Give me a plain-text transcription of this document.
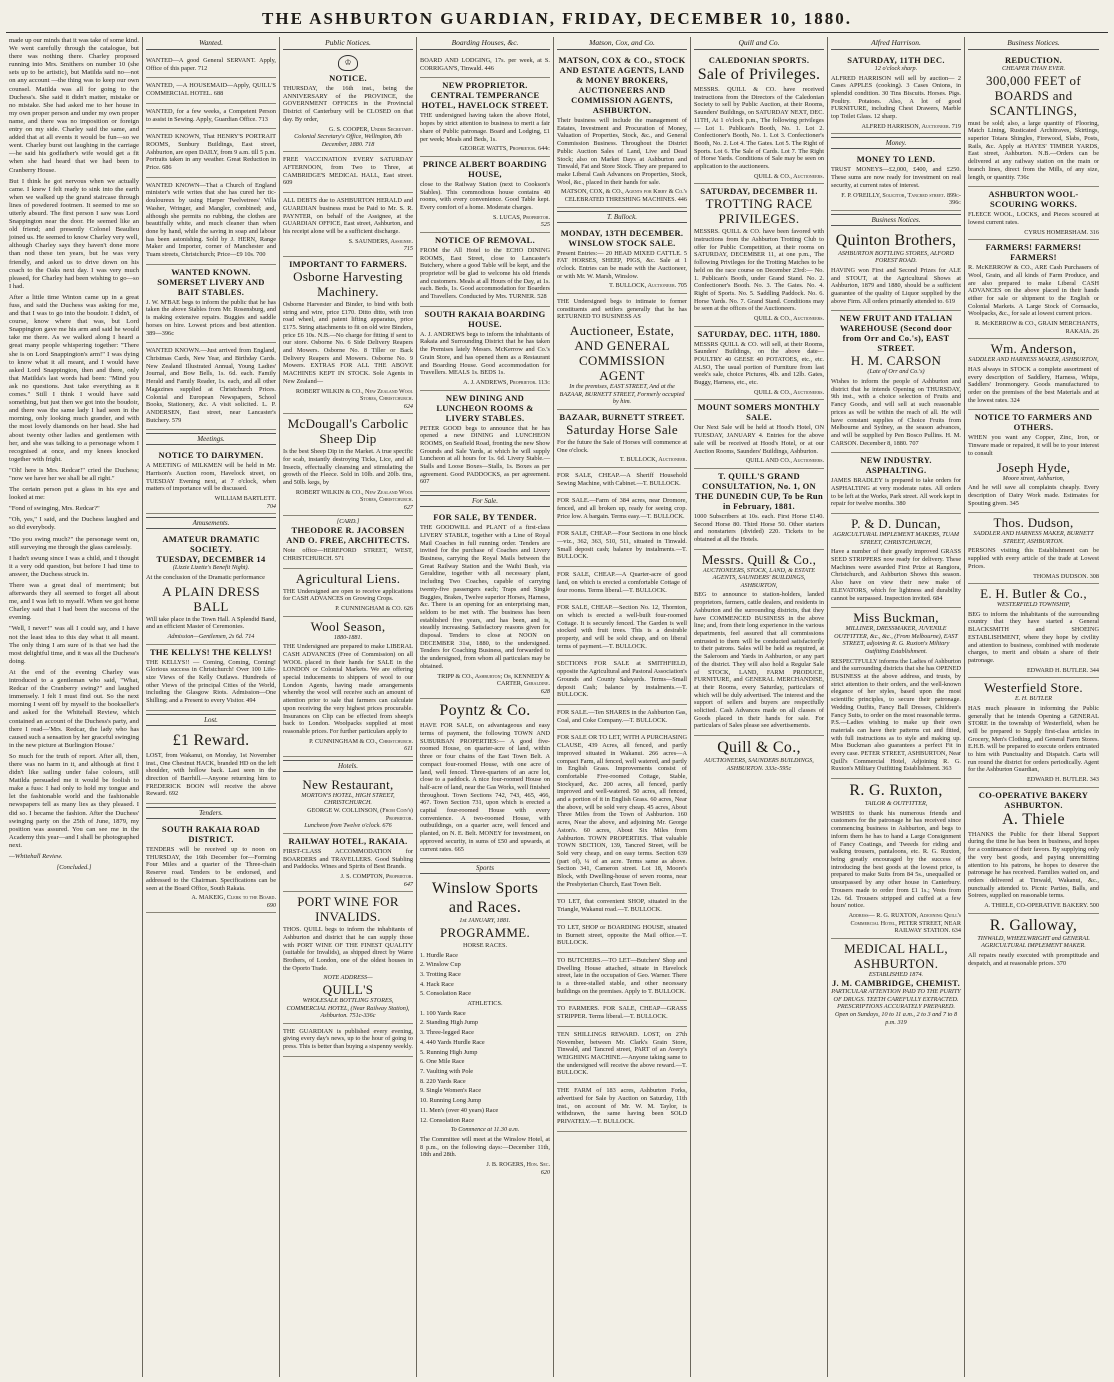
THE ASHBURTON GUARDIAN, FRIDAY, DECEMBER 10, 1880.

made up our minds that it was take of some kind. We went carefully through the catalogue, but there was nothing there. Charley proposed running into Mrs. Smithers on number 10 (she sets up to be artistic), but Matilda said no—not on any account —the thing was to keep our own counsel. Matilda was all for going to the Duchess's. She said it didn't matter, mistake or no mistake. She had asked me to her house in my own proper person and under my own proper name, and there was no imposition or foreign entry on my side. Charley said the same, and added that at all events it would be fun—so we went. Charley burst out laughing in the carriage—he said his godfather's wife would get a fit when she had heard that we had been to Cranberry House.

But I think he got nervous when we actually came. I knew I felt ready to sink into the earth when we walked up the grand staircase through lines of powdered footmen. It seemed to me so utterly absurd. The first person I saw was Lord Snappington near the door. He seemed like an old friend; and presently Colonel Beaulieu joined us. He seemed to know Charley very well, although Charley says they haven't done more than nod these ten years, but he was very friendly, and asked us to drive down on his coach to the Oaks next day. I was very much pleased, for Charley had been wishing to go—so I had.

After a little time Winton came up in a great fuss, and said the Duchess was asking for me, and that I was to go into the boudoir. I didn't, of course, know where that was, but Lord Snappington gave me his arm and said he would take me there. As we walked along I heard a great many people whispering together: "There she is on Lord Snappington's arm!" I was dying to know what it all meant, and I would have asked Lord Snappington, then and there, only that Matilda's last words had been: "Mind you ask no questions. Just take everything as it comes." Still I think I would have said something, but just then we got into the boudoir, and there was the same lady I had seen in the morning, only looking much grander, and with the most lovely diamonds on her head. She had about twenty other ladies and gentlemen with her, and she was talking to a personage whom I recognised at once, and my knees knocked together with fright.

"Oh! here is Mrs. Redcar!" cried the Duchess; "now we have her we shall be all right."

The certain person put a glass in his eye and looked at me:

"Fond of swinging, Mrs. Redcar?"

"Oh, yes," I said, and the Duchess laughed and so did everybody.

"Do you swing much?" the personage went on, still surveying me through the glass carelessly.

I hadn't swung since I was a child, and I thought it a very odd question, but before I had time to answer, the Duchess struck in.

There was a great deal of merriment; but afterwards they all seemed to forget all about me, and I was left to myself. When we got home Charley said that I had been the success of the evening.

"Well, I never!" was all I could say, and I have not the least idea to this day what it all meant. The only thing I am sure of is that we had the most delightful time, and it was all the Duchess's doing.

At the end of the evening Charley was introduced to a gentleman who said, "What, Redcar of the Cranberry swing?" and laughed immensely. I felt I must find out. So the next morning I went off by myself to the bookseller's and asked for the Whitehall Review, which contained an account of the Duchess's party, and there I read—'Mrs. Redcar, the lady who has caused such a sensation by her graceful swinging in the new picture at Burlington House.'

So much for the truth of report. After all, then, there was no harm in it, and although at first I didn't like sailing under false colours, still Matilda persuaded me it would be foolish to make a fuss: I had only to hold my tongue and let the fashionable world and the fashionable newspapers tell as many lies as they pleased. I did so. I became the fashion. After the Duchess' swinging party on the 25th of June, 1879, my position was assured. You can see me in the Academy this year—and I shall be photographed next.

—Whitehall Review.

[Concluded.]
Wanted.

WANTED—A good General SERVANT. Apply, Office of this paper. 712

WANTED, —A HOUSEMAID—Apply, QUILL'S COMMERCIAL HOTEL. 688

WANTED, for a few weeks, a Competent Person to assist in Sewing. Apply, Guardian Office. 713

WANTED KNOWN, That HENRY'S PORTRAIT ROOMS, Sunbury Buildings, East street, Ashburton, are open DAILY, from 9 a.m. till 5 p.m. Portraits taken in any weather. Great Reduction in Price. 686

WANTED KNOWN—That a Church of England minister's wife writes that she has cured her tic-douloureux by using Harper Twelvetrees' Villa Washer, Wringer, and Mangler, combined; and, although she permits no rubbing, the clothes are beautifully white, and much cleaner than when done by hand, while the saving in soap and labour has been astonishing. Sold by J. HERN, Range Maker and Importer, corner of Manchester and Tuam streets, Christchurch; Price—£9 10s. 700

WANTED KNOWN.
SOMERSET LIVERY AND BAIT STABLES.

J. W. M'BAE begs to inform the public that he has taken the above Stables from Mr. Rosensburg, and is making extensive repairs. Buggies and saddle horses on hire. Lowest prices and best attention. 389—396c

WANTED KNOWN.—Just arrived from England, Christmas Cards, New Year, and Birthday Cards. New Zealand Illustrated Annual, Young Ladies' Journal, and Bow Bells, 1s. 6d. each. Family Herald and Family Reader, 1s. each, and all other Magazines supplied at Christchurch Prices. Colonial and European Newspapers, School Books, Stationery, &c. A visit solicited. L. P. ANDERSEN, East street, near Lancaster's Butchery. 579

Meetings.
NOTICE TO DAIRYMEN.

A MEETING of MILKMEN will be held in Mr. Harrison's Auction room, Havelock street, on TUESDAY Evening next, at 7 o'clock, when matters of importance will be discussed.

WILLIAM BARTLETT.
704
Amusements.
AMATEUR DRAMATIC SOCIETY.
TUESDAY, DECEMBER 14
(Lizzie Lizette's Benefit Night).

At the conclusion of the Dramatic performance

A PLAIN DRESS BALL

Will take place in the Town Hall. A Splendid Band, and an efficient Master of Ceremonies.

Admission—Gentlemen, 2s 6d. 714
THE KELLYS! THE KELLYS!

THE KELLYS!! — Coming, Coming, Coming! Glorious success in Christchurch! Over 100 Life-size Views of the Kelly Outlaws. Hundreds of other Views of the principal Cities of the World, including the Glasgow Riots. Admission—One Shilling; and a Present to every Visitor. 494

Lost.
£1 Reward.

LOST, from Wakanui, on Monday, 1st November inst., One Chestnut HACK, branded HD on the left shoulder, with hollow back. Last seen in the direction of Barrhill.—Anyone returning him to FREDERICK BOON will receive the above Reward. 692

Tenders.
SOUTH RAKAIA ROAD DISTRICT.

TENDERS will be received up to noon on THURSDAY, the 16th December for—Forming Four Miles and a quarter of the Three-chain Reserve road. Tenders to be endorsed, and addressed to the Chairman. Specifications can be seen at the Board Office, South Rakaia.

A. MAKEIG, Clerk to the Board.
690
Public Notices.
♔
NOTICE.

THURSDAY, the 16th inst., being the ANNIVERSARY of the PROVINCE, the GOVERNMENT OFFICES in the Provincial District of Canterbury will be CLOSED on that day. By order,

G. S. COOPER, Under Secretary.
Colonial Secretary's Office, Wellington, 8th December, 1880. 718

FREE VACCINATION EVERY SATURDAY AFTERNOON, from Two to Three, at CAMBRIDGE'S MEDICAL HALL, East street. 609

ALL DEBTS due to ASHBURTON HERALD and GUARDIAN business must be Paid to Mr. S. R. PAYNTER, on behalf of the Assignee, at the GUARDIAN OFFICE, East street, Ashburton, and his receipt alone will be a sufficient discharge.

S. SAUNDERS, Assignee.
715
IMPORTANT TO FARMERS.
Osborne Harvesting Machinery.

Osborne Harvester and Binder, to bind with both string and wire, price £170. Ditto ditto, with iron road wheel, and patent lifting apparatus, price £175. String attachments to fit on old wire Binders, price £6 10s. N.B.—No charge for fitting if sent to our store. Osborne No. 6 Side Delivery Reapers and Mowers. Osborne No. 8 Tiller or Back Delivery Reapers and Mowers. Osborne No. 9 Mowers. EXTRAS FOR ALL THE ABOVE MACHINES KEPT IN STOCK. Sole Agents in New Zealand—

ROBERT WILKIN & CO., New Zealand Wool Stores, Christchurch.
624
McDougall's Carbolic Sheep Dip

Is the best Sheep Dip in the Market. A true specific for scab, instantly destroying Ticks, Lice, and all Insects, effectually cleansing and stimulating the growth of the Fleece. Sold in 10lb. and 20lb. tins, and 50lb. kegs, by

ROBERT WILKIN & CO., New Zealand Wool Stores, Christchurch.
627
[CARD.]
THEODORE R. JACOBSEN AND O. FREE, ARCHITECTS.

Note office—HEREFORD STREET, WEST, CHRISTCHURCH. 571

Agricultural Liens.

THE Undersigned are open to receive applications for CASH ADVANCES on Growing Crops.

P. CUNNINGHAM & CO. 626
Wool Season,
1880-1881.

THE Undersigned are prepared to make LIBERAL CASH ADVANCES (Free of Commission) on all WOOL placed in their hands for SALE in the LONDON or Colonial Markets. We are offering special inducements to shippers of wool to our London Agents, having made arrangements whereby the wool will receive such an amount of attention prior to sale that farmers can calculate upon receiving the very highest prices procurable. Insurances on Clip can be effected from sheep's back to London. Woolpacks supplied at most reasonable prices. For further particulars apply to

P. CUNNINGHAM & CO., Christchurch.
611
Hotels.
New Restaurant,
MORTON'S HOTEL, HIGH STREET, CHRISTCHURCH.
GEORGE W. COLLINSON, (From Coin's) Proprietor.
Luncheon from Twelve o'clock. 676
RAILWAY HOTEL, RAKAIA.

FIRST-CLASS ACCOMMODATION for BOARDERS and TRAVELLERS. Good Stabling and Paddocks. Wines and Spirits of Best Brands.

J. S. COMPTON, Proprietor.
647
PORT WINE FOR INVALIDS.

THOS. QUILL begs to inform the inhabitants of Ashburton and district that he can supply those with PORT WINE OF THE FINEST QUALITY (suitable for Invalids), as shipped direct by Warre Brothers, of London, one of the oldest houses in the Oporto Trade.

NOTE ADDRESS—
QUILL'S
WHOLESALE BOTTLING STORES, COMMERCIAL HOTEL, (Near Railway Station), Ashburton. 751c-336c

THE GUARDIAN is published every evening, giving every day's news, up to the hour of going to press. This is better than buying a sixpenny weekly.

Boarding Houses, &c.

BOARD AND LODGING, 17s. per week, at S. CORRIGAN'S, Tinwald. 446

NEW PROPRIETOR. CENTRAL TEMPERANCE HOTEL, HAVELOCK STREET.

THE undersigned having taken the above Hotel, hopes by strict attention to business to merit a fair share of Public patronage. Board and Lodging, £1 per week; Meals and Beds, 1s.

GEORGE WATTS, Proprietor. 644c
PRINCE ALBERT BOARDING HOUSE,

close to the Railway Station (next to Cookson's Stables). This commodious house contains 40 rooms, with every convenience. Good Table kept. Every comfort of a home. Moderate charges.

S. LUCAS, Proprietor.
525
NOTICE OF REMOVAL.

FROM the All Hotel to the ECHO DINING ROOMS, East Street, close to Lancaster's Butchery, where a good Table will be kept, and the proprietor will be glad to welcome his old friends and customers. Meals at all Hours of the Day, at 1s. each. Beds, 1s. Good accommodation for Boarders and Travellers. Conducted by Mrs. TURNER. 528

SOUTH RAKAIA BOARDING HOUSE.

A. J. ANDREWS begs to inform the inhabitants of Rakaia and Surrounding District that he has taken the Premises lately Messrs. McKerrow and Co.'s Grain Store, and has opened them as a Restaurant and Boarding House. Good accommodation for Travellers. MEALS 1s. BEDS 1s.

A. J. ANDREWS, Proprietor. 113c
NEW DINING AND LUNCHEON ROOMS & LIVERY STABLES.

PETER GOOD begs to announce that he has opened a new DINING and LUNCHEON ROOMS, on Seafield Road, fronting the new Show Grounds and Sale Yards, at which he will supply Luncheon at all hours for 1s. 6d. Livery Stable.—Stalls and Loose Boxes—Stalls, 1s. Boxes as per agreement. Good PADDOCKS, as per agreement. 607

For Sale.
FOR SALE, BY TENDER.

THE GOODWILL and PLANT of a first-class LIVERY STABLE, together with a Line of Royal Mail Coaches in full running order. Tenders are invited for the purchase of Coaches and Livery Business, carrying the Royal Mails between the Great Railway Station and the Waihi Bush, via Geraldine, together with all necessary plant, including Two Coaches, capable of carrying twenty-five passengers each; Traps and Single Buggies, Brakes, Twelve superior Horses, Harness, &c. There is an opening for an enterprising man, seldom to be met with. The business has been established five years, and has been, and is, steadily increasing. Satisfactory reasons given for disposal. Tenders to close at NOON on DECEMBER 31st, 1880, to the undersigned. Tenders for Coaching Business, and forwarded to the undersigned, from whom all particulars may be obtained.

TRIPP & CO., Ashburton; Or, KENNEDY & CARTER, Geraldine.
628
Poyntz & Co.

HAVE FOR SALE, on advantageous and easy terms of payment, the following TOWN AND SUBURBAN PROPERTIES:— A good five-roomed House, on quarter-acre of land, within three or four chains of the East Town Belt. A compact four-roomed House, with one acre of land, well fenced. Three-quarters of an acre lot, close to a paddock. A nice four-roomed House on half-acre of land, near the Gas Works, well finished throughout. Town Sections 742, 743, 465, 466, 467. Town Section 731, upon which is erected a capital four-roomed House with every convenience. A two-roomed House, with outbuildings, on a quarter acre, well fenced and planted, on N. E. Belt. MONEY for investment, on approved security, in sums of £50 and upwards, at current rates. 665

Sports
Winslow Sports and Races.
1st JANUARY, 1881.
PROGRAMME.
HORSE RACES.
1. Hurdle Race
2. Winslow Cup
3. Trotting Race
4. Hack Race
5. Consolation Race
ATHLETICS.
1. 100 Yards Race
2. Standing High Jump
3. Three-legged Race
4. 440 Yards Hurdle Race
5. Running High Jump
6. One Mile Race
7. Vaulting with Pole
8. 220 Yards Race
9. Single Women's Race
10. Running Long Jump
11. Men's (over 40 years) Race
12. Consolation Race
To Commence at 11.30 a.m.

The Committee will meet at the Winslow Hotel, at 8 p.m., on the following days:—December 11th, 18th and 28th.

J. B. ROGERS, Hon. Sec.
620
Matson, Cox, and Co.
MATSON, COX & CO., STOCK AND ESTATE AGENTS, LAND & MONEY BROKERS, AUCTIONEERS AND COMMISSION AGENTS, ASHBURTON.

Their business will include the management of Estates, Investment and Procuration of Money, Valuation of Properties, Stock, &c., and General Commission Business. Throughout the District Public Auction Sales of Land, Live and Dead Stock; also on Market Days at Ashburton and Tinwald, Fat and Store Stock. They are prepared to make Liberal Cash Advances on Properties, Stock, Wool, &c., placed in their hands for sale.

MATSON, COX, & CO., Agents for Kirby & Co.'s CELEBRATED THRESHING MACHINES. 446
T. Bullock.
MONDAY, 13TH DECEMBER.
WINSLOW STOCK SALE.

Present Entries:— 20 HEAD MIXED CATTLE. 5 FAT HORSES, SHEEP, PIGS, &c. Sale at 1 o'clock. Entries can be made with the Auctioneer, or with Mr. W. Marsh, Winslow.

T. BULLOCK, Auctioneer. 705

THE Undersigned begs to intimate to former constituents and settlers generally that he has RETURNED TO BUSINESS AS

Auctioneer, Estate, AND GENERAL COMMISSION AGENT
In the premises, EAST STREET, And at the BAZAAR, BURNETT STREET, Formerly occupied by him.
BAZAAR, BURNETT STREET.
Saturday Horse Sale

For the future the Sale of Horses will commence at One o'clock.

T. BULLOCK, Auctioneer.

FOR SALE, CHEAP.—A Sheriff Household Sewing Machine, with Cabinet.—T. BULLOCK.

FOR SALE.—Farm of 384 acres, near Dromore, fenced, and all broken up, ready for seeing crop. Price low. A bargain. Terms easy.—T. BULLOCK.

FOR SALE, CHEAP.—Four Sections in one block—viz., 362, 363, 510, 511, situated in Tinwald. Small deposit cash; balance by instalments.—T. BULLOCK.

FOR SALE, CHEAP.—A Quarter-acre of good land, on which is erected a comfortable Cottage of four rooms. Terms liberal.—T. BULLOCK.

FOR SALE, CHEAP.—Section No. 12, Thornton, on which is erected a well-built four-roomed Cottage. It is securely fenced. The Garden is well stocked with fruit trees. This is a desirable property, and will be sold cheap, and on liberal terms of payment.—T. BULLOCK.

SECTIONS FOR SALE at SMITHFIELD, opposite the Agricultural and Pastoral Association's Grounds and County Saleyards. Terms—Small deposit Cash; balance by instalments.—T. BULLOCK.

FOR SALE.—Ten SHARES in the Ashburton Gas, Coal, and Coke Company.—T. BULLOCK.

FOR SALE OR TO LET, WITH A PURCHASING CLAUSE, 439 Acres, all fenced, and partly improved situated in Wakanui. 266 acres—A compact Farm, all fenced, well watered, and partly in English Grass. Improvements consist of comfortable Five-roomed Cottage, Stable, Stockyard, &c. 200 acres, all fenced, partly improved and well-watered. 50 acres, all fenced, and a portion of it in English Grass. 60 acres, Near the above, will be sold very cheap. 45 acres, About Three Miles from the Town of Ashburton. 160 acres, Near the above, and adjoining Mr. George Aston's. 60 acres, About Six Miles from Ashburton. TOWN PROPERTIES. That valuable TOWN SECTION, 139, Tancred Street, will be Sold very cheap, and on easy terms. Section 639 (part of), ¼ of an acre. Terms same as above. Section 341, Cameron street. Lot 18, Moore's Block, with Dwelling-house of seven rooms, near the Presbyterian Church, East Town Belt.

TO LET, that convenient SHOP, situated in the Triangle, Wakanui road.—T. BULLOCK.

TO LET, SHOP or BOARDING HOUSE, situated in Burnett street, opposite the Mail office.—T. BULLOCK.

TO BUTCHERS.—TO LET—Butchers' Shop and Dwelling House attached, situate in Havelock street, late in the occupation of Geo. Warner. There is a three-stalled stable, and other necessary buildings on the premises. Apply to T. BULLOCK.

TO FARMERS. FOR SALE, CHEAP—GRASS STRIPPER. Terms liberal.—T. BULLOCK.

TEN SHILLINGS REWARD. LOST, on 27th November, between Mr. Clark's Grain Store, Tinwald, and Tancred street, PART of an Avery's WEIGHING MACHINE.—Anyone taking same to the undersigned will receive the above reward.—T. BULLOCK.

THE FARM of 183 acres, Ashburton Forks, advertised for Sale by Auction on Saturday, 11th inst., on account of Mr. W. M. Taylor, is withdrawn, the same having been SOLD PRIVATELY.—T. BULLOCK.

Quill and Co.
CALEDONIAN SPORTS.
Sale of Privileges.

MESSRS. QUILL & CO. have received instructions from the Directors of the Caledonian Society to sell by Public Auction, at their Rooms, Saunders' Buildings, on SATURDAY NEXT, DEC. 11TH, At 1 o'clock p.m., The following privileges— Lot 1. Publican's Booth, No. 1. Lot 2. Confectioner's Booth, No. 1. Lot 3. Confectioner's Booth, No. 2. Lot 4. The Gates. Lot 5. The Right of Sports. Lot 6. The Sale of Cards. Lot 7. The Right of Horse Yards. Conditions of Sale may be seen on application to the auctioneers.

QUILL & CO., Auctioneers.
SATURDAY, DECEMBER 11.
TROTTING RACE PRIVILEGES.

MESSRS. QUILL & CO. have been favored with instructions from the Ashburton Trotting Club to offer for Public Competition, at their rooms on SATURDAY, DECEMBER 11, at one p.m., The following Privileges for the Trotting Matches to be held on the race course on December 23rd:— No. 1. Publican's Booth, under Grand Stand. No. 2. Confectioner's Booth. No. 3. The Gates. No. 4. Right of Sports. No. 5. Saddling Paddock. No. 6. Horse Yards. No. 7. Grand Stand. Conditions may be seen at the offices of the Auctioneers.

QUILL & CO., Auctioneers.
SATURDAY, DEC. 11TH, 1880.

MESSRS QUILL & CO. will sell, at their Rooms, Saunders' Buildings, on the above date— POULTRY 40 GEESE 40 POTATOES, etc., etc. ALSO, The usual portion of Furniture from last week's sale, choice Pictures, 4lb. and 12lb. Gates, Buggy, Harness, etc., etc.

QUILL & CO., Auctioneers.
MOUNT SOMERS MONTHLY SALE.

Our Next Sale will be held at Hood's Hotel, ON TUESDAY, JANUARY 4. Entries for the above sale will be received at Hood's Hotel, or at our Auction Rooms, Saunders' Buildings, Ashburton.

QUILL AND CO., Auctioneers.
T. QUILL'S GRAND CONSULTATION, No. 1, ON THE DUNEDIN CUP, To be Run in February, 1881.

1000 Subscribers at 10s. each. First Horse £140. Second Horse 80. Third Horse 50. Other starters and nonstarters (divided) 220. Tickets to be obtained at all the Hotels.

Messrs. Quill & Co.,
AUCTIONEERS, STOCK, LAND, & ESTATE AGENTS, SAUNDERS' BUILDINGS, ASHBURTON,

BEG to announce to station-holders, landed proprietors, farmers, cattle dealers, and residents in Ashburton and the surrounding districts, that they have COMMENCED BUSINESS in the above line; and, from their long experience in the various departments, feel assured that all commissions entrusted to them will be conducted satisfactorily to their patrons. Sales will be held as required, at the Saleroom and Yards in Ashburton, or any part of the district. They will also hold a Regular Sale of STOCK, LAND, FARM PRODUCE, FURNITURE, and GENERAL MERCHANDISE, at their Rooms, every Saturday, particulars of which will be duly advertised. The interest and the support of sellers and buyers are respectfully solicited. Cash Advances made on all classes of Goods placed in their hands for sale. For particulars of Sales please see advertisements.

Quill & Co.,
AUCTIONEERS, SAUNDERS BUILDINGS,
ASHBURTON. 333c-595c
Alfred Harrison.
SATURDAY, 11TH DEC.
12 o'clock sharp.

ALFRED HARRISON will sell by auction— 2 Cases APPLES (cooking). 3 Cases Onions, in splendid condition. 30 Tins Biscuits. Horses. Pigs. Poultry. Potatoes. Also, A lot of good FURNITURE, including Chest Drawers, Marble top Toilet Glass. 12 sharp.

ALFRED HARRISON, Auctioneer. 719
Money.
MONEY TO LEND.

TRUST MONEYS—£2,000, £400, and £250. These sums are now ready for investment on real security, at current rates of interest.

F. P. O'REILLY, Solicitor, Tancred street. 899c-396c
Business Notices.
Quinton Brothers,
ASHBURTON BOTTLING STORES, ALFORD FOREST ROAD.

HAVING won First and Second Prizes for ALE and STOUT, at the Agricultural Shows at Ashburton, 1879 and 1880, should be a sufficient guarantee of the quality of Liquor supplied by the above Firm. All orders primarily attended to. 619

NEW FRUIT AND ITALIAN WAREHOUSE (Second door from Orr and Co.'s), EAST STREET.
H. M. CARSON
(Late of Orr and Co.'s)

Wishes to inform the people of Ashburton and district that he intends Opening on THURSDAY, 9th inst., with a choice selection of Fruits and Fancy Goods, and will sell at such reasonable prices as will be within the reach of all. He will have constant supplies of Choice Fruits from Melbourne and Sydney, as the season advances, and will be supplied by Pen Bosco Pullins. H. M. CARSON. December 8, 1880. 707

NEW INDUSTRY.
ASPHALTING.

JAMES BRADLEY is prepared to take orders for ASPHALTING at very moderate rates. All orders to be left at the Works, Park street. All work kept in repair for twelve months. 380

P. & D. Duncan,
AGRICULTURAL IMPLEMENT MAKERS, TUAM STREET, CHRISTCHURCH,

Have a number of their greatly improved GRASS SEED STRIPPERS now ready for delivery. These Machines were awarded First Prize at Rangiora, Christchurch, and Ashburton Shows this season. Also have on view their new make of ELEVATORS, which for lightness and durability cannot be surpassed. Inspection invited. 684

Miss Buckman,
MILLINER, DRESSMAKER, JUVENILE OUTFITTER, &c., &c., (From Melbourne), EAST STREET, adjoining R. G. Ruxton's Military Outfitting Establishment.

RESPECTFULLY informs the Ladies of Ashburton and the surrounding districts that she has OPENED BUSINESS at the above address, and trusts, by strict attention to their orders, and the well-known elegance of her styles, based upon the most scientific principles, to secure their patronage. Wedding Outfits, Fancy Ball Dresses, Children's Fancy Suits, to order on the most reasonable terms. P.S.—Ladies wishing to make up their own materials can have their patterns cut and fitted, with full instructions as to style and making up. Miss Buckman also guarantees a perfect Fit in every case. PETER STREET, ASHBURTON, Near Quill's Commercial Hotel, Adjoining R. G. Ruxton's Military Outfitting Establishment. 363

R. G. Ruxton,
TAILOR & OUTFITTER,

WISHES to thank his numerous friends and customers for the patronage he has received since commencing business in Ashburton, and begs to inform them he has to hand a Large Consignment of Fancy Coatings, and Tweeds for riding and walking trousers, pantaloons, etc. R. G. Ruxton, being greatly encouraged by the success of introducing the best goods at the lowest price, is prepared to make Suits from 84 5s., unequalled or unsurpassed by any other house in Canterbury. Trousers made to order from £1 1s.; Vests from 12s. 6d. Trousers stripped and cuffed at a few hours' notice.

Address— R. G. RUXTON, Adjoining Quill's Commercial Hotel, PETER STREET, NEAR RAILWAY STATION. 634
MEDICAL HALL, ASHBURTON.
ESTABLISHED 1874.
J. M. CAMBRIDGE, CHEMIST.
PARTICULAR ATTENTION PAID TO THE PURITY OF DRUGS. TEETH CAREFULLY EXTRACTED. PRESCRIPTIONS ACCURATELY PREPARED.
Open on Sundays, 10 to 11 a.m., 2 to 3 and 7 to 8 p.m. 319
Business Notices.
REDUCTION.
CHEAPER THAN EVER.
300,000 FEET of BOARDS and SCANTLINGS,

must be sold; also, a large quantity of Flooring, Match Lining, Rusticated Architraves, Skirtings, superior Totara Shingles, Firewood, Slabs, Posts, Rails, &c. Apply at HAYES' TIMBER YARDS, East street, Ashburton. N.B.—Orders can be delivered at any railway station on the main or branch lines, direct from the Mills, of any size, length, or quantity. 736c

ASHBURTON WOOL-SCOURING WORKS.

FLEECE WOOL, LOCKS, and Pieces scoured at lowest current rates.

CYRUS HOMERSHAM. 316
FARMERS! FARMERS! FARMERS!

R. McKERROW & CO., ARE Cash Purchasers of Wool, Grain, and all kinds of Farm Produce, and are also prepared to make Liberal CASH ADVANCES on the above placed in their hands either for sale or shipment to the English or Colonial Markets. A Large Stock of Cornsacks, Woolpacks, &c., for sale at lowest current prices.

R. McKERROW & CO., GRAIN MERCHANTS, RAKAIA. 26
Wm. Anderson,
SADDLER AND HARNESS MAKER, ASHBURTON,

HAS always in STOCK a complete assortment of every description of Saddlery, Harness, Whips, Saddlers' Ironmongery. Goods manufactured to order on the premises of the best Materials and at the lowest rates. 324

NOTICE TO FARMERS AND OTHERS.

WHEN you want any Copper, Zinc, Iron, or Tinware made or repaired, it will be to your interest to consult

Joseph Hyde,
Moore street, Ashburton,

And he will save all complaints cheaply. Every description of Dairy Work made. Estimates for Spouting given. 345

Thos. Dudson,
SADDLER AND HARNESS MAKER, BURNETT STREET, ASHBURTON.

PERSONS visiting this Establishment can be supplied with every article of the trade at Lowest Prices.

THOMAS DUDSON. 308
E. H. Butler & Co.,
WESTERFIELD TOWNSHIP,

BEG to inform the inhabitants of the surrounding country that they have started a General BLACKSMITH and SHOEING ESTABLISHMENT, where they hope by civility and attention to business, combined with moderate charges, to merit and obtain a share of their patronage.

EDWARD H. BUTLER. 344
Westerfield Store.
E. H. BUTLER

HAS much pleasure in informing the Public generally that he intends Opening a GENERAL STORE in the township of Westerfield, when he will be prepared to Supply first-class articles in Grocery, Men's Clothing, and General Farm Stores. E.H.B. will be prepared to execute orders entrusted to him with Punctuality and Dispatch. Carts will run round the district for orders periodically. Agent for the Ashburton Guardian,

EDWARD H. BUTLER. 343
CO-OPERATIVE BAKERY ASHBURTON.
A. Thiele

THANKS the Public for their liberal Support during the time he has been in business, and hopes for a continuance of their favors. By supplying only the very best goods, and paying unremitting attention to his patrons, he hopes to deserve the patronage he has received. Families waited on, and orders delivered at Tinwald, Wakanui, &c., punctually attended to. Picnic Parties, Balls, and Soirees, supplied on reasonable terms.

A. THIELE, CO-OPERATIVE BAKERY. 500
R. Galloway,
TINWALD, WHEELWRIGHT and GENERAL AGRICULTURAL IMPLEMENT MAKER.

All repairs neatly executed with promptitude and despatch, and at reasonable prices. 370
